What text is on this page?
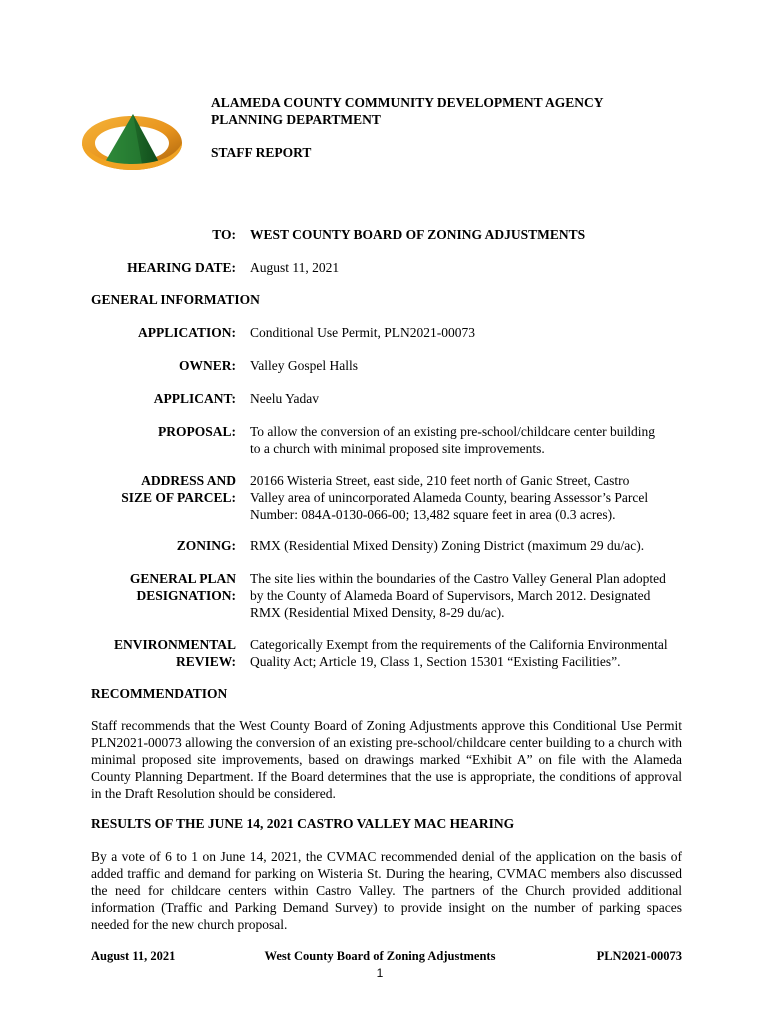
ALAMEDA COUNTY COMMUNITY DEVELOPMENT AGENCY
PLANNING DEPARTMENT
STAFF REPORT
TO: WEST COUNTY BOARD OF ZONING ADJUSTMENTS
HEARING DATE: August 11, 2021
GENERAL INFORMATION
APPLICATION: Conditional Use Permit, PLN2021-00073
OWNER: Valley Gospel Halls
APPLICANT: Neelu Yadav
PROPOSAL: To allow the conversion of an existing pre-school/childcare center building
to a church with minimal proposed site improvements.
ADDRESS AND
SIZE OF PARCEL:
20166 Wisteria Street, east side, 210 feet north of Ganic Street, Castro
Valley area of unincorporated Alameda County, bearing Assessor’s Parcel
Number: 084A-0130-066-00; 13,482 square feet in area (0.3 acres).
ZONING: RMX (Residential Mixed Density) Zoning District (maximum 29 du/ac).
GENERAL PLAN
DESIGNATION:
The site lies within the boundaries of the Castro Valley General Plan adopted
by the County of Alameda Board of Supervisors, March 2012. Designated
RMX (Residential Mixed Density, 8-29 du/ac).
ENVIRONMENTAL
REVIEW:
Categorically Exempt from the requirements of the California Environmental
Quality Act; Article 19, Class 1, Section 15301 “Existing Facilities”.
RECOMMENDATION
Staff recommends that the West County Board of Zoning Adjustments approve this Conditional Use Permit PLN2021-00073 allowing the conversion of an existing pre-school/childcare center building to a church with minimal proposed site improvements, based on drawings marked “Exhibit A” on file with the Alameda County Planning Department. If the Board determines that the use is appropriate, the conditions of approval in the Draft Resolution should be considered.
RESULTS OF THE JUNE 14, 2021 CASTRO VALLEY MAC HEARING
By a vote of 6 to 1 on June 14, 2021, the CVMAC recommended denial of the application on the basis of added traffic and demand for parking on Wisteria St. During the hearing, CVMAC members also discussed the need for childcare centers within Castro Valley. The partners of the Church provided additional information (Traffic and Parking Demand Survey) to provide insight on the number of parking spaces needed for the new church proposal.
August 11, 2021	West County Board of Zoning Adjustments	PLN2021-00073
1
